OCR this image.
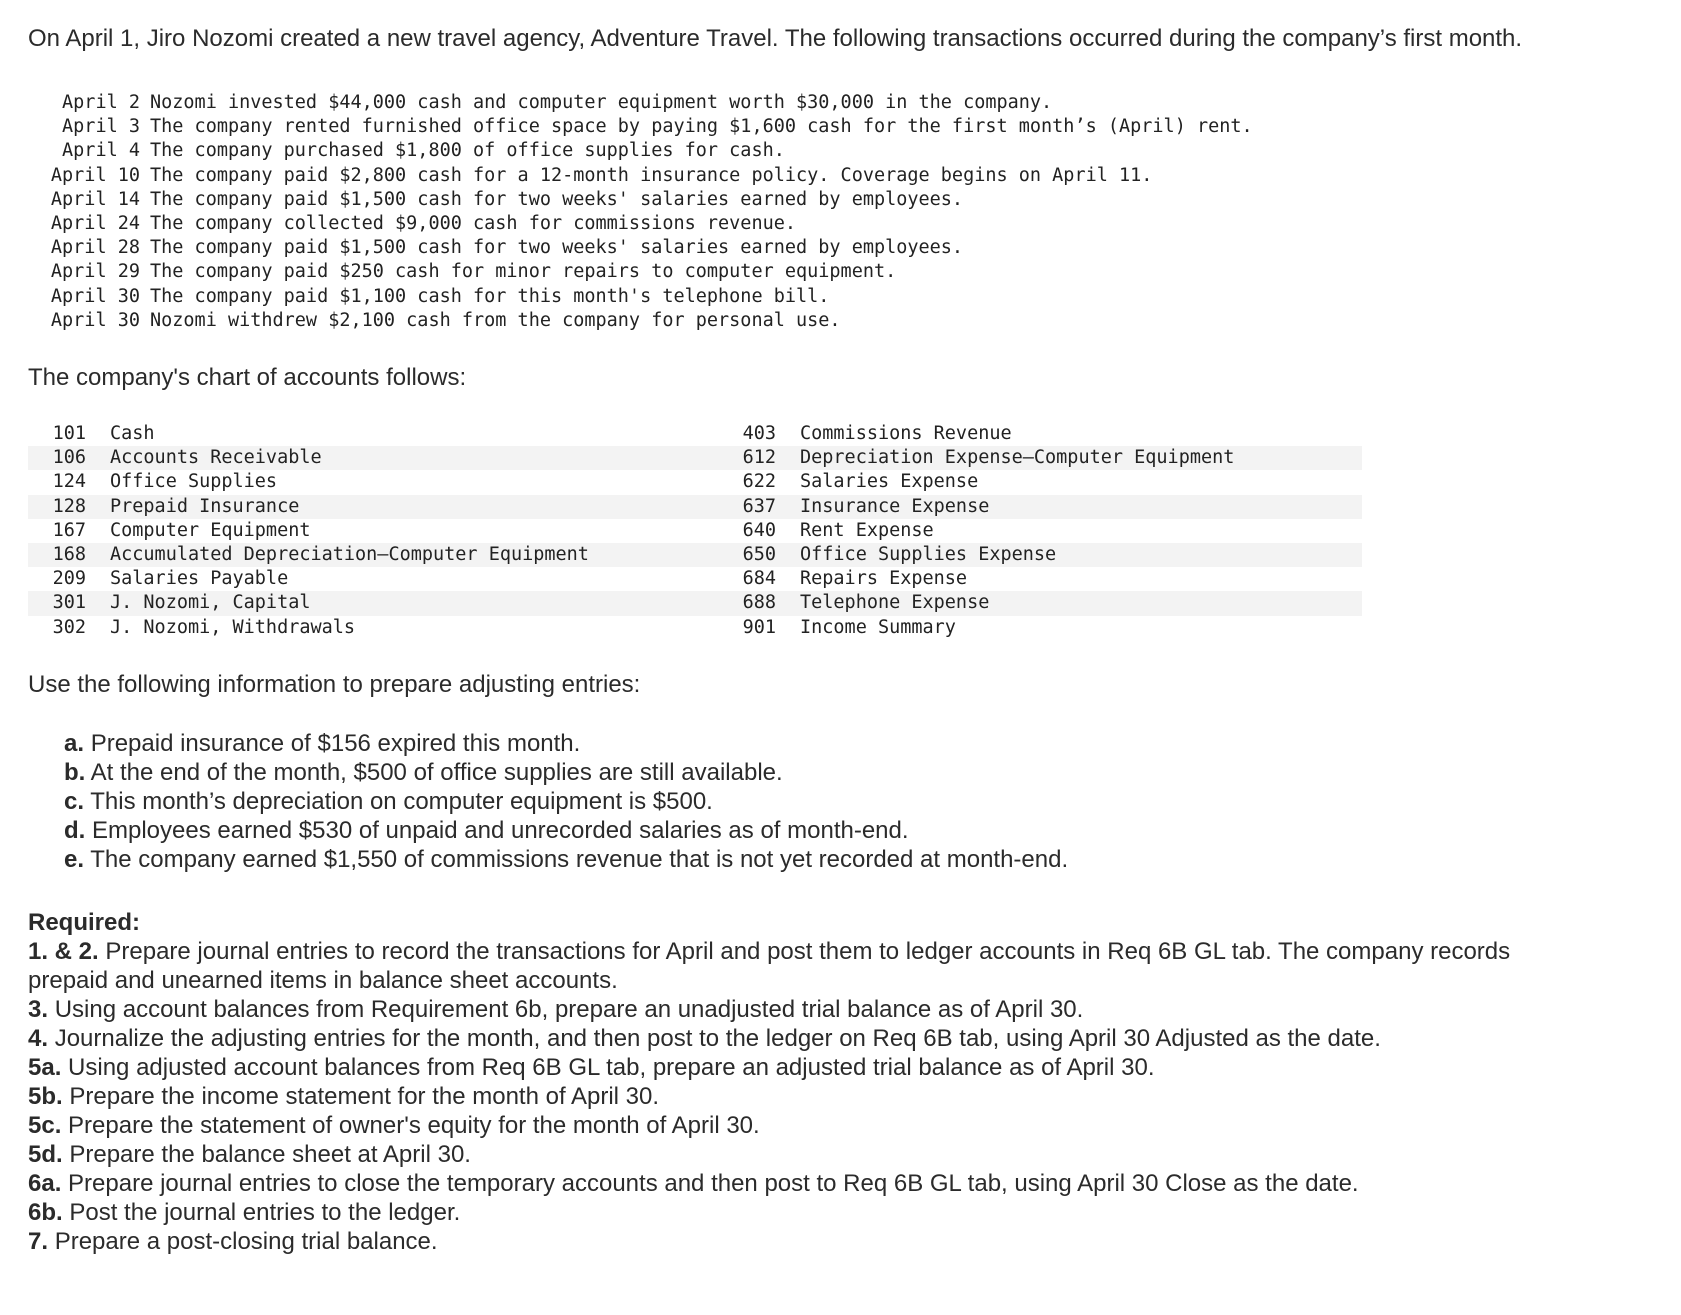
On April 1, Jiro Nozomi created a new travel agency, Adventure Travel. The following transactions occurred during the company’s first month.

April 2 Nozomi invested $44,000 cash and computer equipment worth $30,000 in the company.
April 3 The company rented furnished office space by paying $1,600 cash for the first month’s (April) rent.
April 4 The company purchased $1,800 of office supplies for cash.
April 10 The company paid $2,800 cash for a 12-month insurance policy. Coverage begins on April 11.
April 14 The company paid $1,500 cash for two weeks' salaries earned by employees.
April 24 The company collected $9,000 cash for commissions revenue.
April 28 The company paid $1,500 cash for two weeks' salaries earned by employees.
April 29 The company paid $250 cash for minor repairs to computer equipment.
April 30 The company paid $1,100 cash for this month's telephone bill.
April 30 Nozomi withdrew $2,100 cash from the company for personal use.

The company's chart of accounts follows:

101	Cash
106	Accounts Receivable
124	Office Supplies
128	Prepaid Insurance
167	Computer Equipment
168	Accumulated Depreciation—Computer Equipment
209	Salaries Payable
301	J. Nozomi, Capital
302	J. Nozomi, Withdrawals
403	Commissions Revenue
612	Depreciation Expense—Computer Equipment
622	Salaries Expense
637	Insurance Expense
640	Rent Expense
650	Office Supplies Expense
684	Repairs Expense
688	Telephone Expense
901	Income Summary

Use the following information to prepare adjusting entries:

a. Prepaid insurance of $156 expired this month.
b. At the end of the month, $500 of office supplies are still available.
c. This month’s depreciation on computer equipment is $500.
d. Employees earned $530 of unpaid and unrecorded salaries as of month-end.
e. The company earned $1,550 of commissions revenue that is not yet recorded at month-end.
Required:
1. & 2. Prepare journal entries to record the transactions for April and post them to ledger accounts in Req 6B GL tab. The company records prepaid and unearned items in balance sheet accounts.
3. Using account balances from Requirement 6b, prepare an unadjusted trial balance as of April 30.
4. Journalize the adjusting entries for the month, and then post to the ledger on Req 6B tab, using April 30 Adjusted as the date.
5a. Using adjusted account balances from Req 6B GL tab, prepare an adjusted trial balance as of April 30.
5b. Prepare the income statement for the month of April 30.
5c. Prepare the statement of owner's equity for the month of April 30.
5d. Prepare the balance sheet at April 30.
6a. Prepare journal entries to close the temporary accounts and then post to Req 6B GL tab, using April 30 Close as the date.
6b. Post the journal entries to the ledger.
7. Prepare a post-closing trial balance.
